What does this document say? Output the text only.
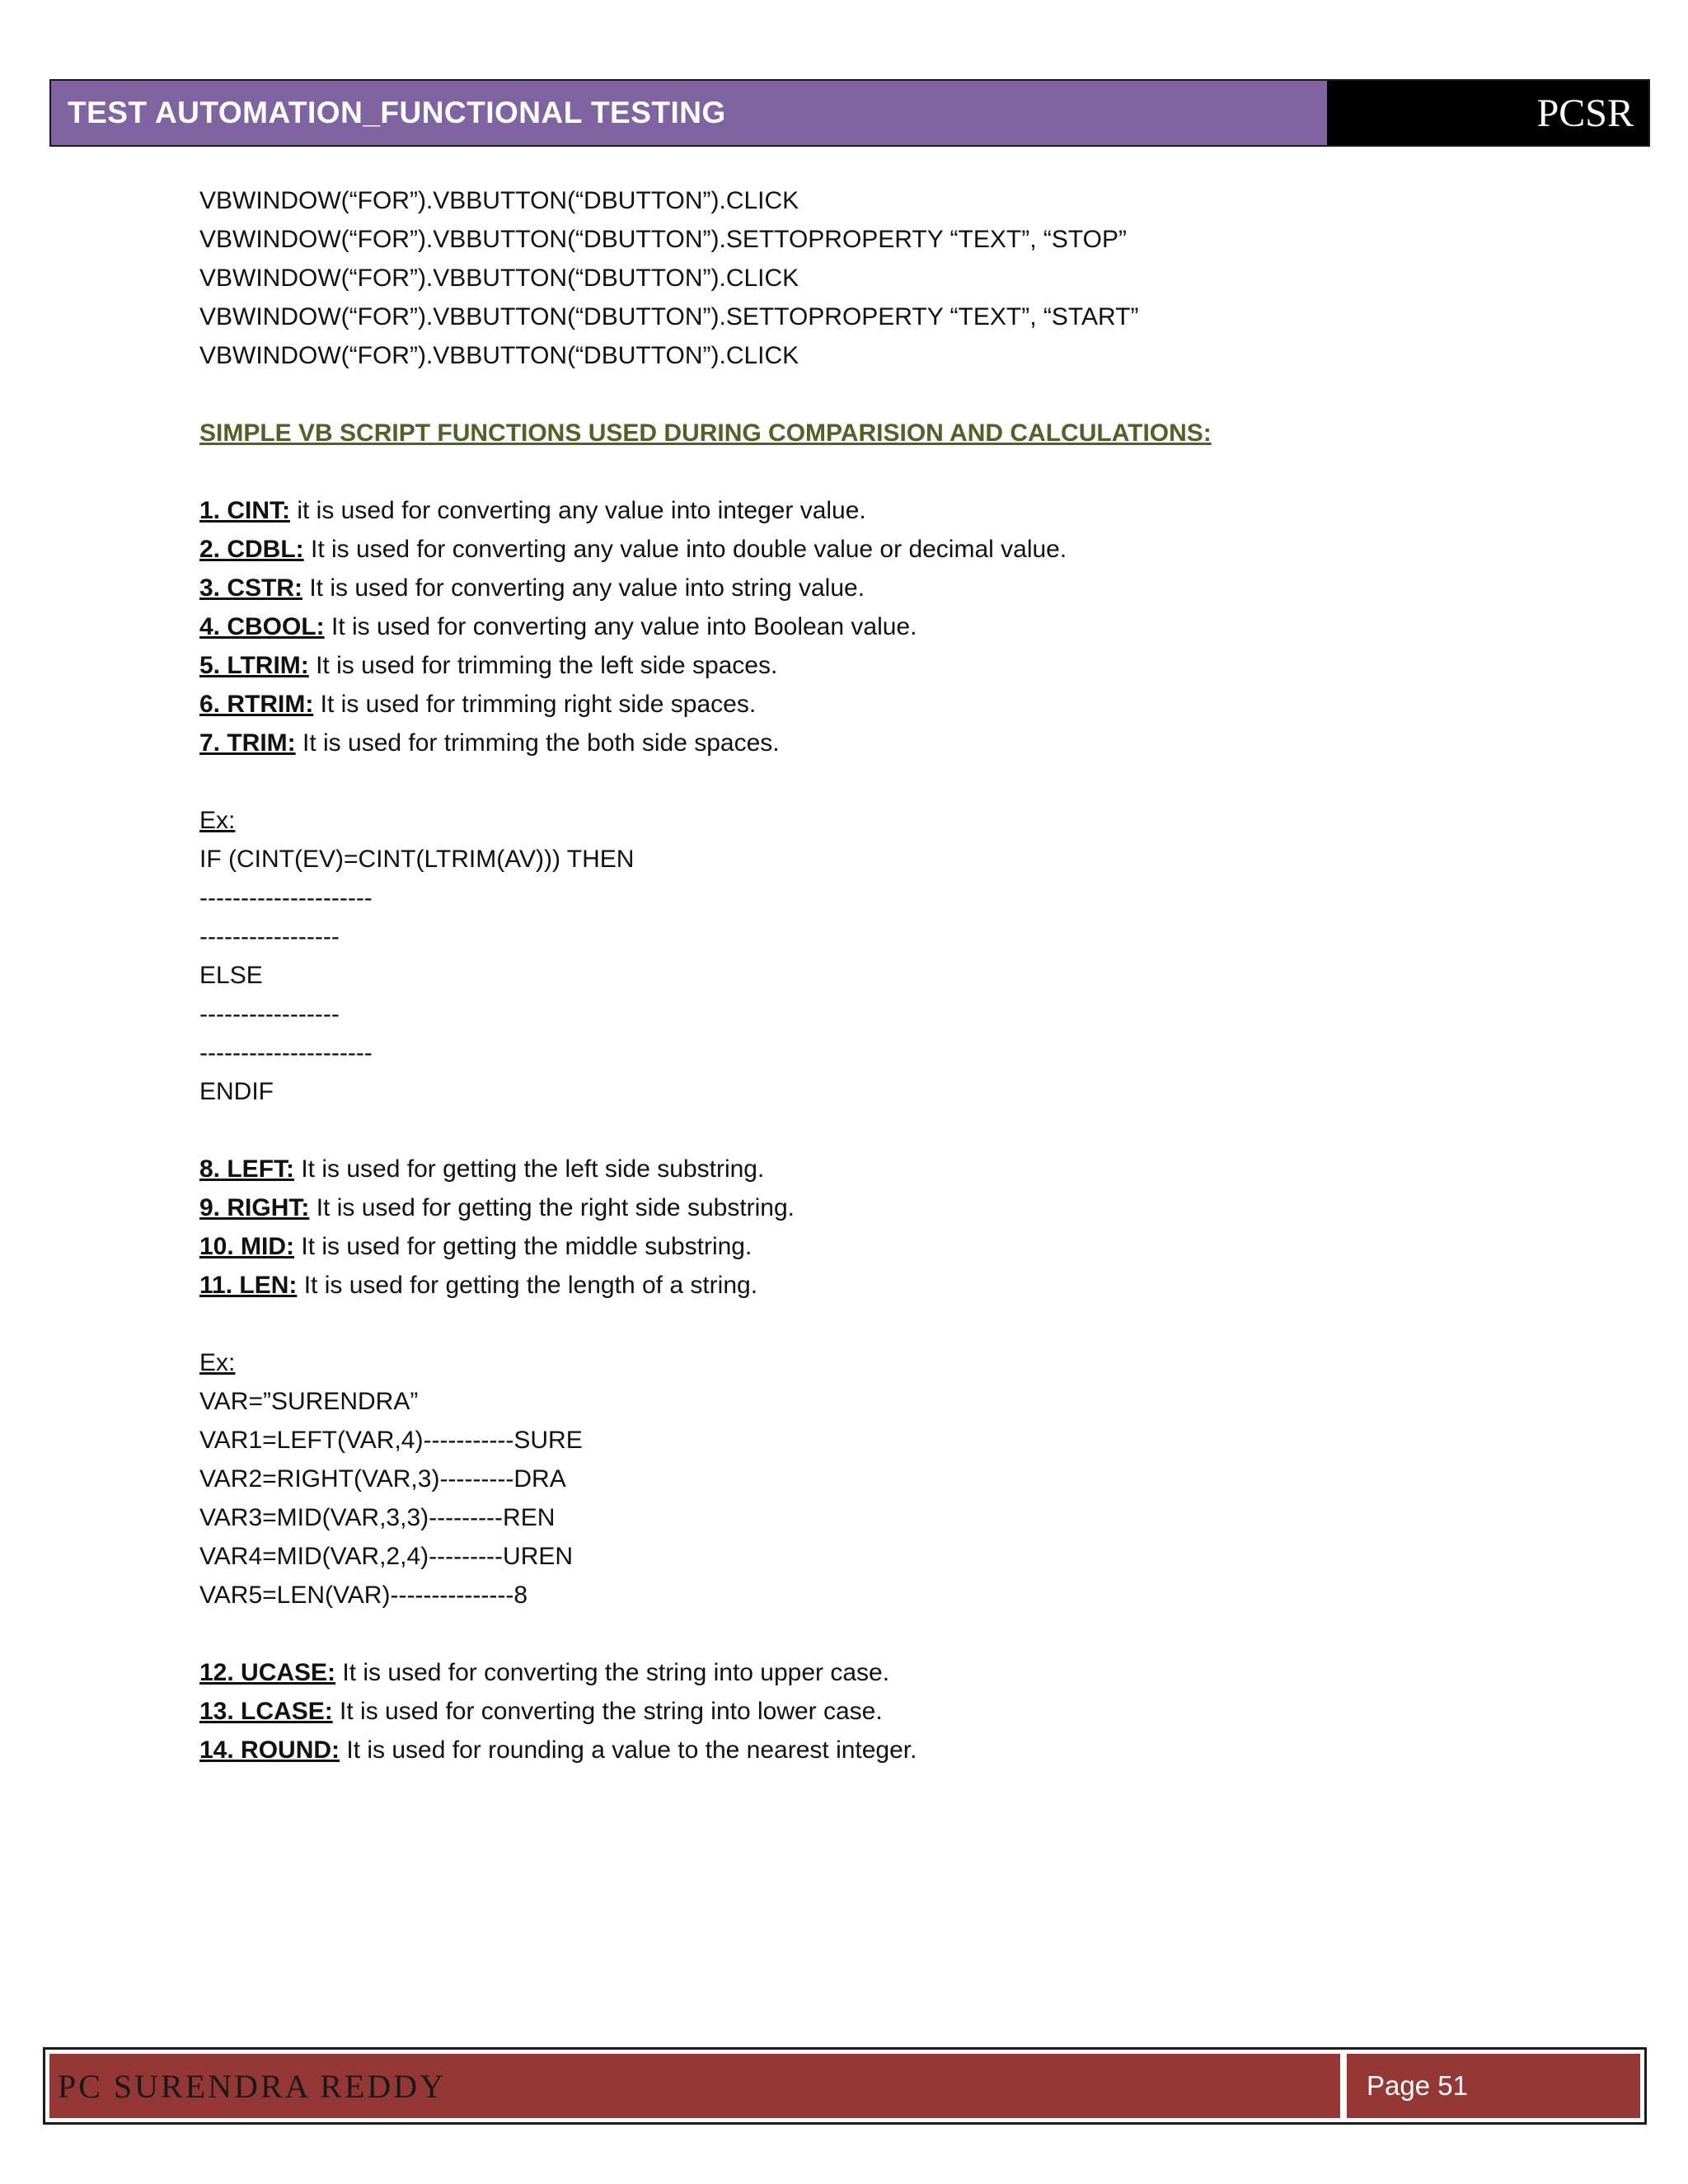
TEST AUTOMATION_FUNCTIONAL TESTING	PCSR
VBWINDOW(“FOR”).VBBUTTON(“DBUTTON”).CLICK
VBWINDOW(“FOR”).VBBUTTON(“DBUTTON”).SETTOPROPERTY “TEXT”, “STOP”
VBWINDOW(“FOR”).VBBUTTON(“DBUTTON”).CLICK
VBWINDOW(“FOR”).VBBUTTON(“DBUTTON”).SETTOPROPERTY “TEXT”, “START”
VBWINDOW(“FOR”).VBBUTTON(“DBUTTON”).CLICK
SIMPLE VB SCRIPT FUNCTIONS USED DURING COMPARISION AND CALCULATIONS:
1. CINT: it is used for converting any value into integer value.
2. CDBL: It is used for converting any value into double value or decimal value.
3. CSTR: It is used for converting any value into string value.
4. CBOOL: It is used for converting any value into Boolean value.
5. LTRIM: It is used for trimming the left side spaces.
6. RTRIM: It is used for trimming right side spaces.
7. TRIM: It is used for trimming the both side spaces.
Ex:
IF (CINT(EV)=CINT(LTRIM(AV))) THEN
---------------------
-----------------
ELSE
-----------------
---------------------
ENDIF
8. LEFT: It is used for getting the left side substring.
9. RIGHT: It is used for getting the right side substring.
10. MID: It is used for getting the middle substring.
11. LEN: It is used for getting the length of a string.
Ex:
VAR=”SURENDRA”
VAR1=LEFT(VAR,4)-----------SURE
VAR2=RIGHT(VAR,3)---------DRA
VAR3=MID(VAR,3,3)---------REN
VAR4=MID(VAR,2,4)---------UREN
VAR5=LEN(VAR)---------------8
12. UCASE: It is used for converting the string into upper case.
13. LCASE: It is used for converting the string into lower case.
14. ROUND: It is used for rounding a value to the nearest integer.
PC SURENDRA REDDY	Page 51
